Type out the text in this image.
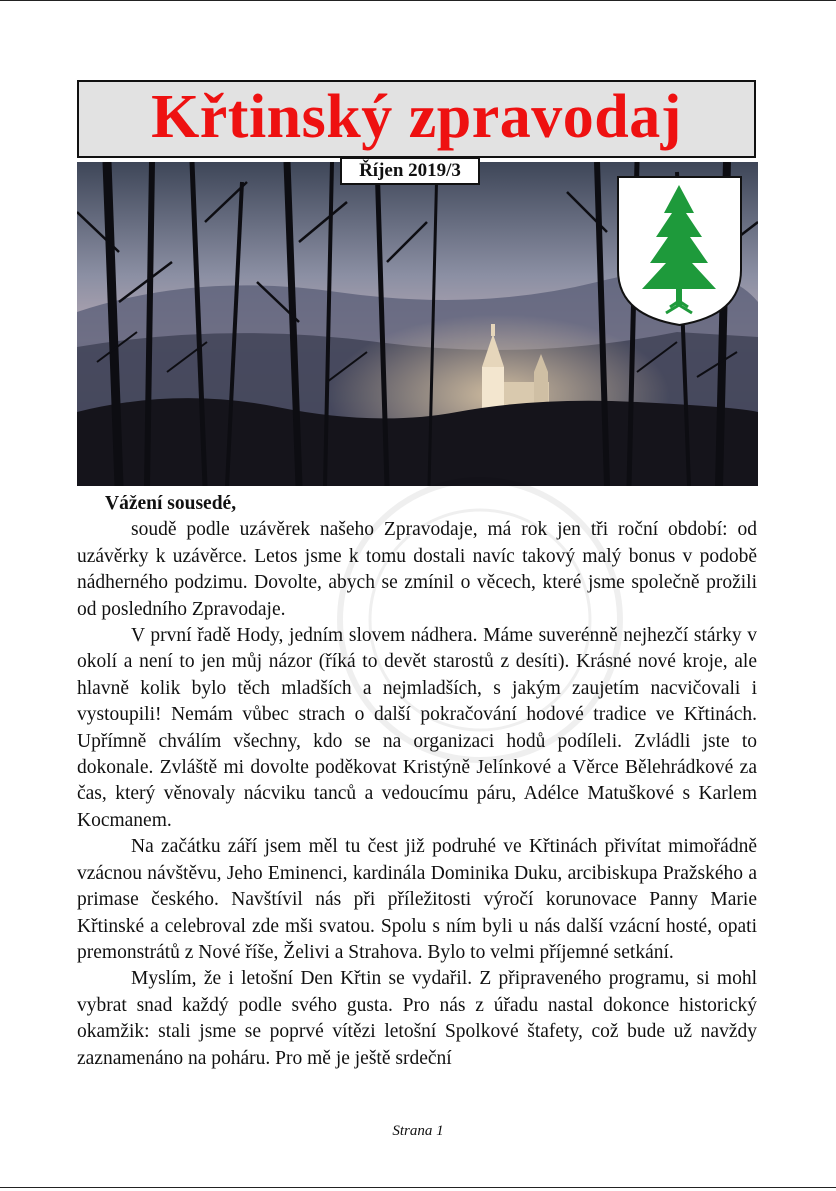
Křtinský zpravodaj
Říjen 2019/3

Vážení sousedé,

soudě podle uzávěrek našeho Zpravodaje, má rok jen tři roční období: od uzávěrky k uzávěrce. Letos jsme k tomu dostali navíc takový malý bonus v podobě nádherného podzimu. Dovolte, abych se zmínil o věcech, které jsme společně prožili od posledního Zpravodaje.

V první řadě Hody, jedním slovem nádhera. Máme suverénně nejhezčí stárky v okolí a není to jen můj názor (říká to devět starostů z desíti). Krásné nové kroje, ale hlavně kolik bylo těch mladších a nejmladších, s jakým zaujetím nacvičovali i vystoupili! Nemám vůbec strach o další pokračování hodové tradice ve Křtinách. Upřímně chválím všechny, kdo se na organizaci hodů podíleli. Zvládli jste to dokonale. Zvláště mi dovolte poděkovat Kristýně Jelínkové a Věrce Bělehrádkové za čas, který věnovaly nácviku tanců a vedoucímu páru, Adélce Matuškové s Karlem Kocmanem.

Na začátku září jsem měl tu čest již podruhé ve Křtinách přivítat mimořádně vzácnou návštěvu, Jeho Eminenci, kardinála Dominika Duku, arcibiskupa Pražského a primase českého. Navštívil nás při příležitosti výročí korunovace Panny Marie Křtinské a celebroval zde mši svatou. Spolu s ním byli u nás další vzácní hosté, opati premonstrátů z Nové říše, Želivi a Strahova. Bylo to velmi příjemné setkání.

Myslím, že i letošní Den Křtin se vydařil. Z připraveného programu, si mohl vybrat snad každý podle svého gusta. Pro nás z úřadu nastal dokonce historický okamžik: stali jsme se poprvé vítězi letošní Spolkové štafety, což bude už navždy zaznamenáno na poháru. Pro mě je ještě srdeční

Strana 1
